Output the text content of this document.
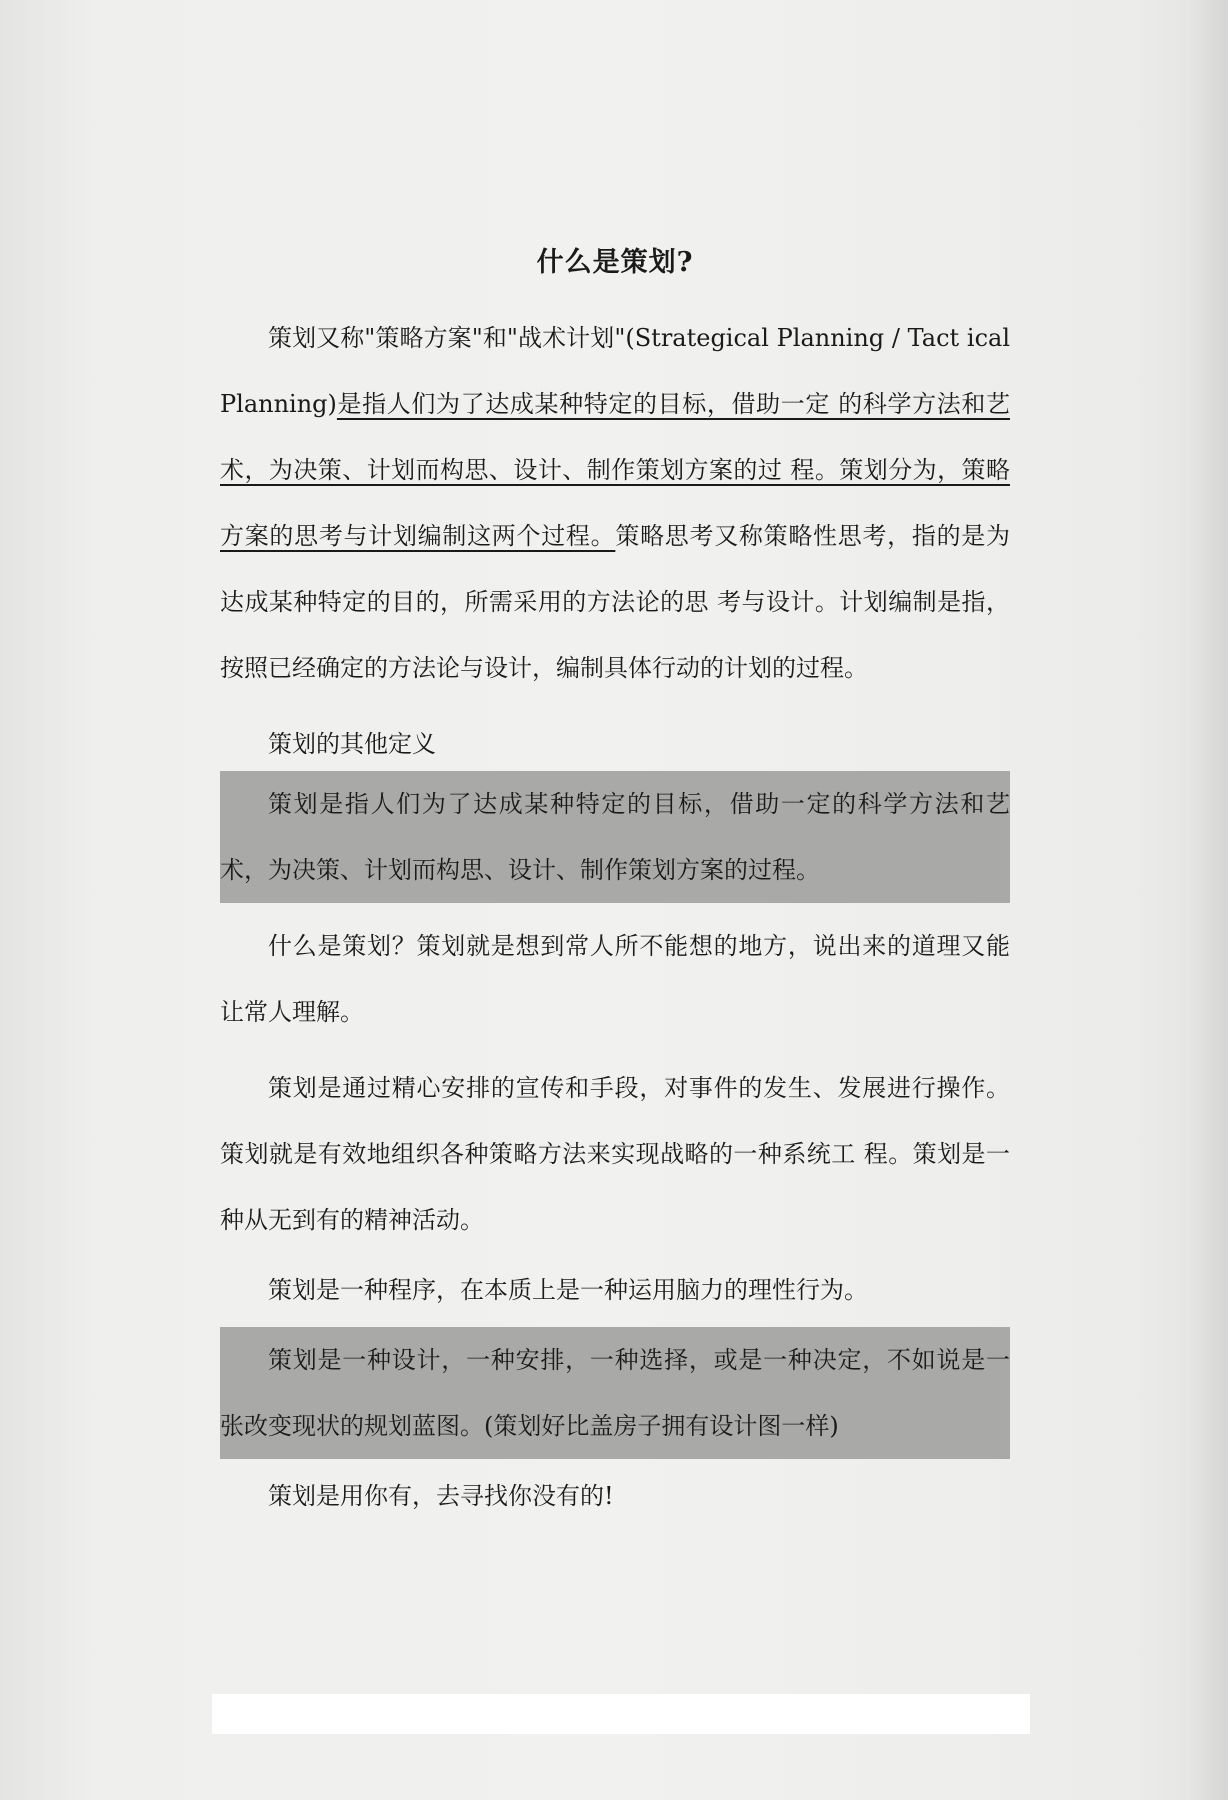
什么是策划?

策划又称"策略方案"和"战术计划"(Strategical Planning / Tact ical Planning)是指人们为了达成某种特定的目标，借助一定 的科学方法和艺术，为决策、计划而构思、设计、制作策划方案的过 程。策划分为，策略方案的思考与计划编制这两个过程。策略思考又称策略性思考，指的是为达成某种特定的目的，所需采用的方法论的思 考与设计。计划编制是指，按照已经确定的方法论与设计，编制具体行动的计划的过程。

策划的其他定义

策划是指人们为了达成某种特定的目标，借助一定的科学方法和艺术，为决策、计划而构思、设计、制作策划方案的过程。

什么是策划？策划就是想到常人所不能想的地方，说出来的道理又能让常人理解。

策划是通过精心安排的宣传和手段，对事件的发生、发展进行操作。策划就是有效地组织各种策略方法来实现战略的一种系统工 程。策划是一种从无到有的精神活动。

策划是一种程序，在本质上是一种运用脑力的理性行为。

策划是一种设计，一种安排，一种选择，或是一种决定，不如说是一张改变现状的规划蓝图。(策划好比盖房子拥有设计图一样)

策划是用你有，去寻找你没有的!
